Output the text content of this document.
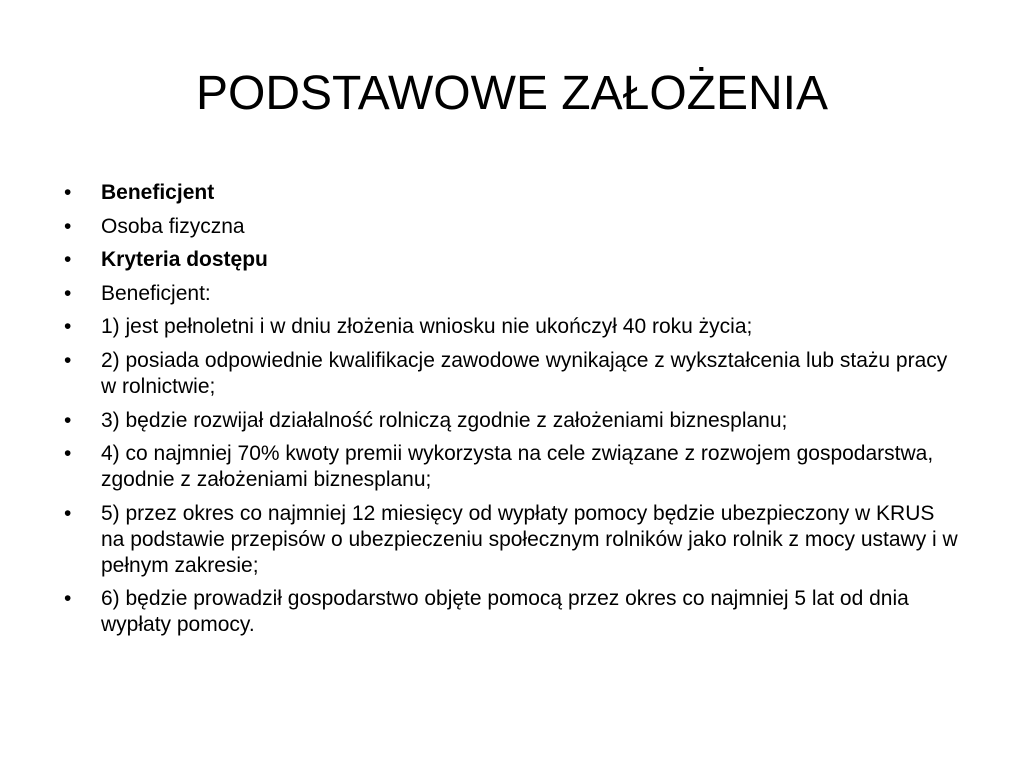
PODSTAWOWE ZAŁOŻENIA
•	Beneficjent
•	Osoba fizyczna
•	Kryteria dostępu
•	Beneficjent:
•	1) jest pełnoletni i w dniu złożenia wniosku nie ukończył 40 roku życia;
•	2) posiada odpowiednie kwalifikacje zawodowe wynikające z wykształcenia lub stażu pracy w rolnictwie;
•	3) będzie rozwijał działalność rolniczą zgodnie z założeniami biznesplanu;
•	4) co najmniej 70% kwoty premii wykorzysta na cele związane z rozwojem gospodarstwa, zgodnie z założeniami biznesplanu;
•	5) przez okres co najmniej 12 miesięcy od wypłaty pomocy będzie ubezpieczony w KRUS na podstawie przepisów o ubezpieczeniu społecznym rolników jako rolnik z mocy ustawy i w pełnym zakresie;
•	6) będzie prowadził gospodarstwo objęte pomocą przez okres co najmniej 5 lat od dnia wypłaty pomocy.
